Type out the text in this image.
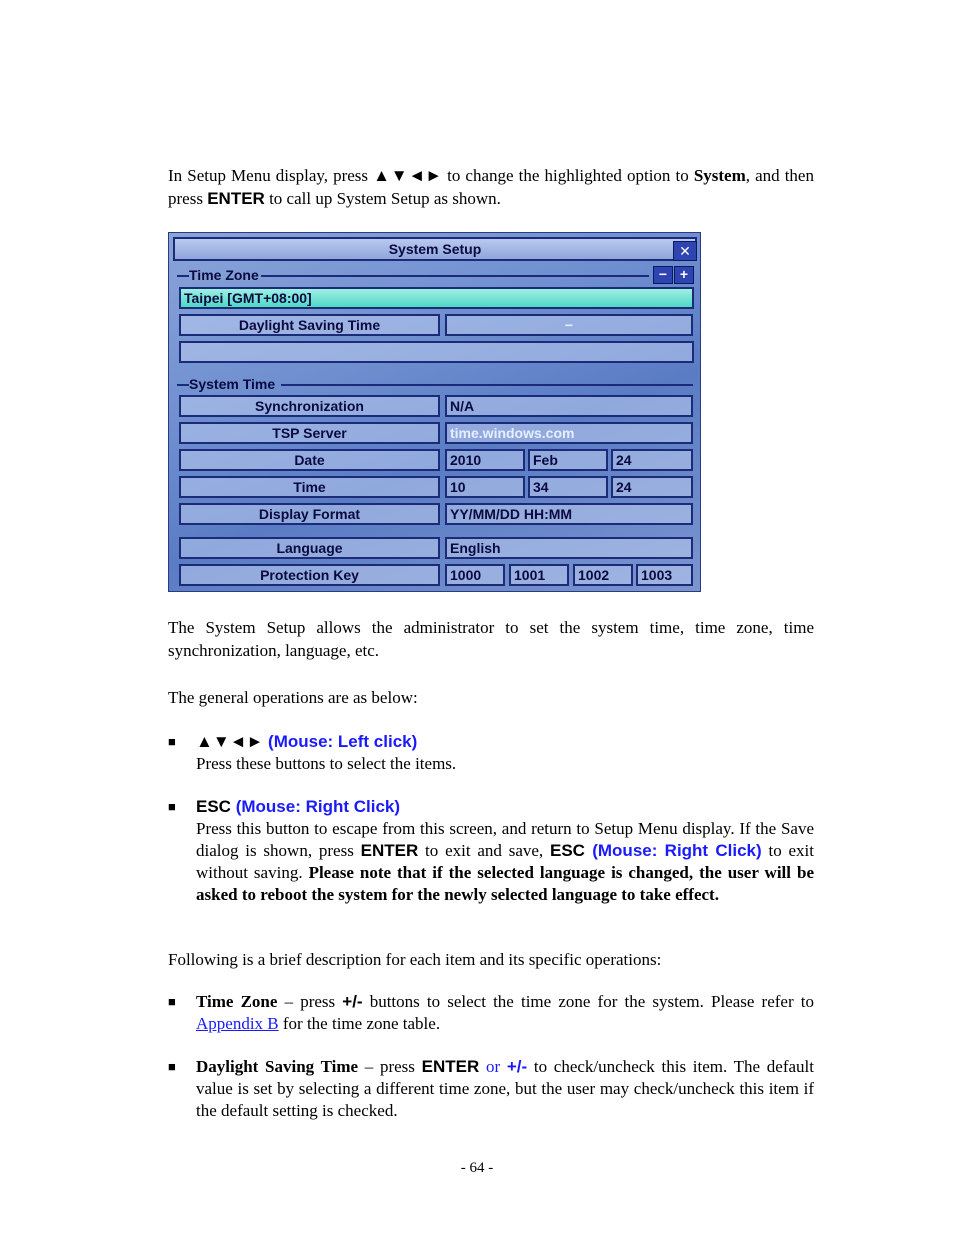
In Setup Menu display, press ▲▼◄► to change the highlighted option to System, and then press ENTER to call up System Setup as shown.
System Setup	✕
Time Zone	− +
Taipei [GMT+08:00]
Daylight Saving Time	−
System Time
Synchronization	N/A
TSP Server	time.windows.com
Date	2010	Feb	24
Time	10	34	24
Display Format	YY/MM/DD HH:MM
Language	English
Protection Key	1000	1001	1002	1003
The System Setup allows the administrator to set the system time, time zone, time synchronization, language, etc.
The general operations are as below:
■ ▲▼◄► (Mouse: Left click)
Press these buttons to select the items.
■ ESC (Mouse: Right Click)
Press this button to escape from this screen, and return to Setup Menu display. If the Save dialog is shown, press ENTER to exit and save, ESC (Mouse: Right Click) to exit without saving. Please note that if the selected language is changed, the user will be asked to reboot the system for the newly selected language to take effect.
Following is a brief description for each item and its specific operations:
■ Time Zone – press +/- buttons to select the time zone for the system. Please refer to Appendix B for the time zone table.
■ Daylight Saving Time – press ENTER or +/- to check/uncheck this item. The default value is set by selecting a different time zone, but the user may check/uncheck this item if the default setting is checked.
- 64 -
